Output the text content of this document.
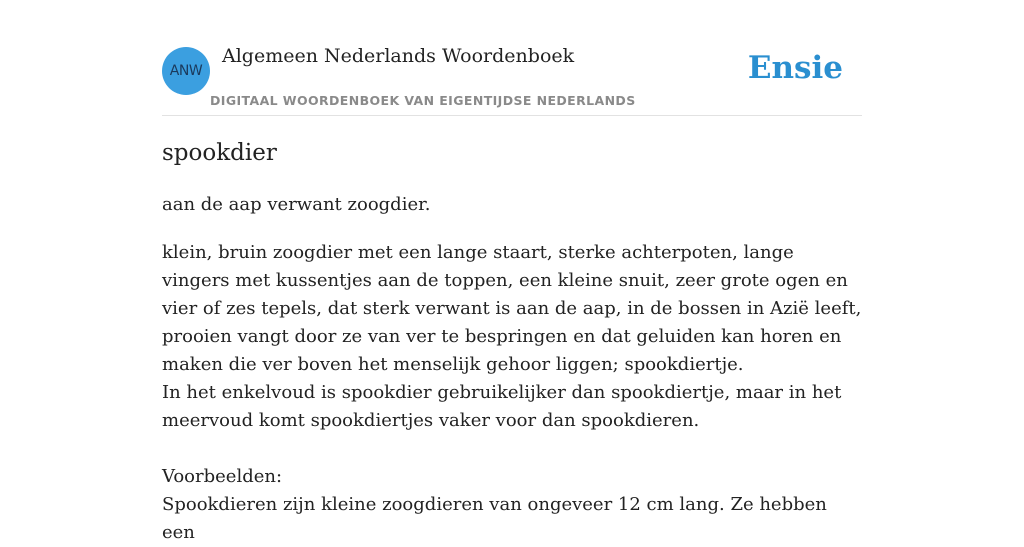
ANW
Algemeen Nederlands Woordenboek
DIGITAAL WOORDENBOEK VAN EIGENTIJDSE NEDERLANDS
Ensie
spookdier
aan de aap verwant zoogdier.
klein, bruin zoogdier met een lange staart, sterke achterpoten, lange vingers met kussentjes aan de toppen, een kleine snuit, zeer grote ogen en vier of zes tepels, dat sterk verwant is aan de aap, in de bossen in Azië leeft, prooien vangt door ze van ver te bespringen en dat geluiden kan horen en maken die ver boven het menselijk gehoor liggen; spookdiertje.
In het enkelvoud is spookdier gebruikelijker dan spookdiertje, maar in het meervoud komt spookdiertjes vaker voor dan spookdieren.

Voorbeelden:
Spookdieren zijn kleine zoogdieren van ongeveer 12 cm lang. Ze hebben een
